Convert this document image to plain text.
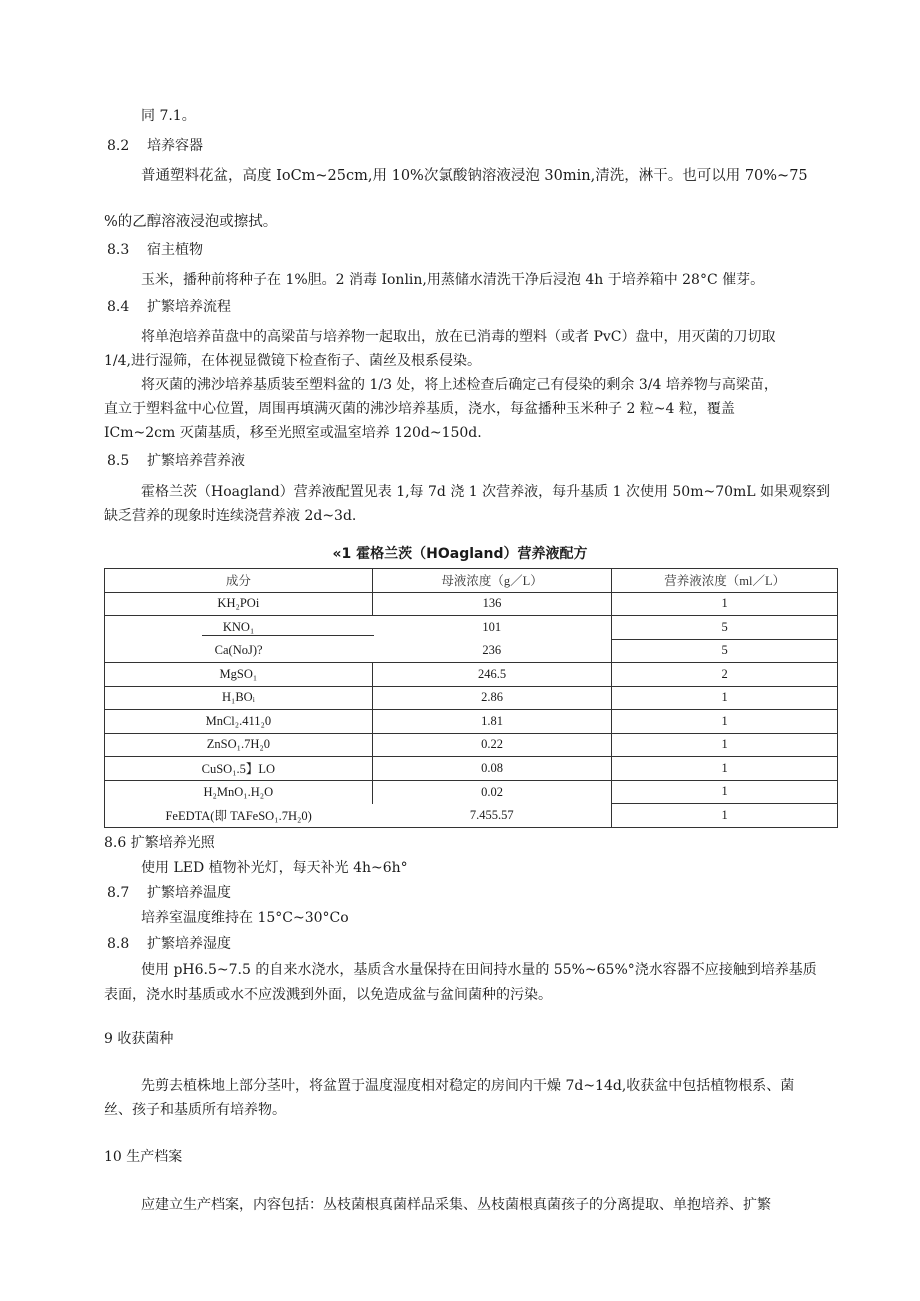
同 7.1。
8.2 培养容器
普通塑料花盆，高度 IoCm~25cm,用 10%次氯酸钠溶液浸泡 30min,清洗，淋干。也可以用 70%~75
%的乙醇溶液浸泡或擦拭。
8.3 宿主植物
玉米，播种前将种子在 1%胆。2 消毒 Ionlin,用蒸储水清洗干净后浸泡 4h 于培养箱中 28°C 催芽。
8.4 扩繁培养流程
将单泡培养苗盘中的高梁苗与培养物一起取出，放在已消毒的塑料（或者 PvC）盘中，用灭菌的刀切取
1/4,进行湿筛，在体视显微镜下检查衔子、菌丝及根系侵染。
将灭菌的沸沙培养基质装至塑料盆的 1/3 处，将上述检查后确定己有侵染的剩余 3/4 培养物与高梁苗，
直立于塑料盆中心位置，周围再填满灭菌的沸沙培养基质，浇水，每盆播种玉米种子 2 粒~4 粒，覆盖
ICm~2cm 灭菌基质，移至光照室或温室培养 120d~150d.
8.5 扩繁培养营养液
霍格兰茨（Hoagland）营养液配置见表 1,每 7d 浇 1 次营养液，每升基质 1 次使用 50m~70mL 如果观察到
缺乏营养的现象时连续浇营养液 2d~3d.
«1 霍格兰茨（HOagland）营养液配方
成分	母液浓度（g／L）	营养液浓度（ml／L）
KH₂POi	136	1
KNO₁	101	5
Ca(NoJ)?	236	5
MgSO₁	246.5	2
H₁BOᵢ	2.86	1
MnCl₂.411₂0	1.81	1
ZnSO₁.7H₂0	0.22	1
CuSO₁.5】LO	0.08	1
H₂MnO₁.H₂O	0.02	1
FeEDTA(即 TAFeSO₁.7H₂0)	7.455.57	1
8.6 扩繁培养光照
使用 LED 植物补光灯，每天补光 4h~6h°
8.7 扩繁培养温度
培养室温度维持在 15°C~30°Co
8.8 扩繁培养湿度
使用 pH6.5~7.5 的自来水浇水，基质含水量保持在田间持水量的 55%~65%°浇水容器不应接触到培养基质
表面，浇水时基质或水不应泼溅到外面，以免造成盆与盆间菌种的污染。
9 收获菌种
先剪去植株地上部分茎叶，将盆置于温度湿度相对稳定的房间内干燥 7d~14d,收获盆中包括植物根系、菌
丝、孩子和基质所有培养物。
10 生产档案
应建立生产档案，内容包括：丛枝菌根真菌样品采集、丛枝菌根真菌孩子的分离提取、单抱培养、扩繁
